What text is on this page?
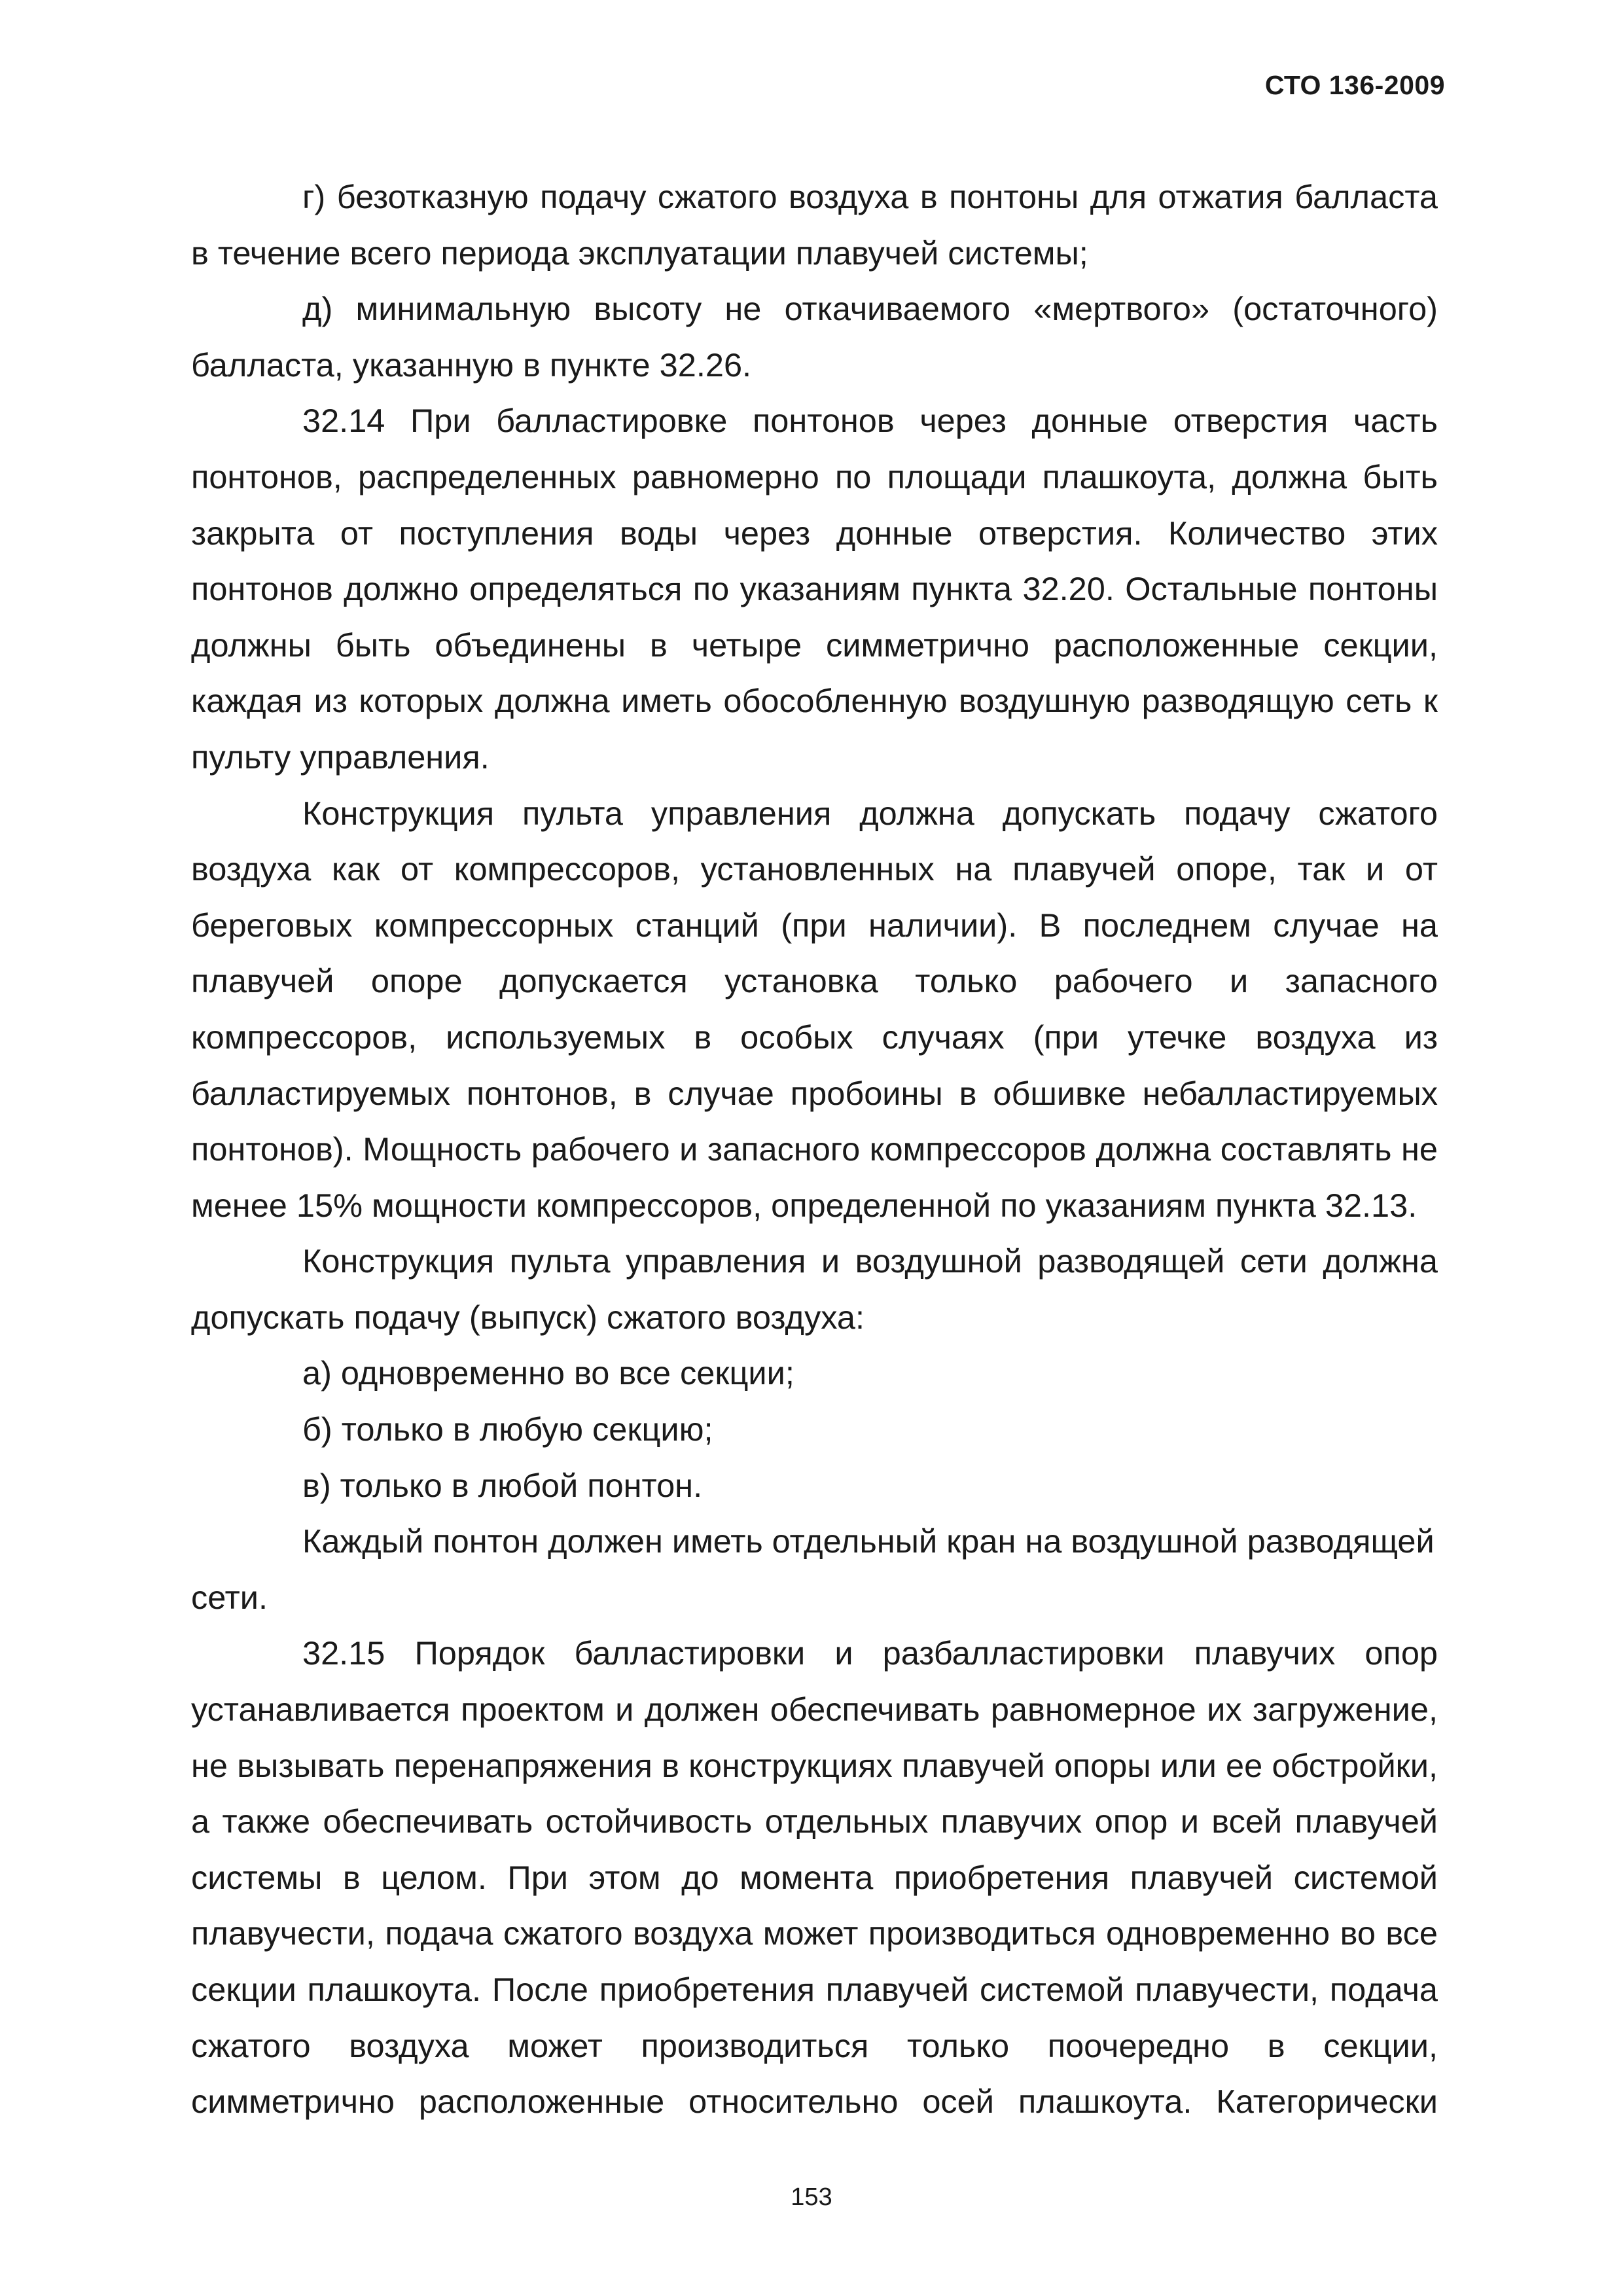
СТО 136-2009

г) безотказную подачу сжатого воздуха в понтоны для отжатия балласта в течение всего периода эксплуатации плавучей системы;

д) минимальную высоту не откачиваемого «мертвого» (остаточного) балласта, указанную в пункте 32.26.

32.14 При балластировке понтонов через донные отверстия часть понтонов, распределенных равномерно по площади плашкоута, должна быть закрыта от поступления воды через донные отверстия. Количество этих понтонов должно определяться по указаниям пункта 32.20. Остальные понтоны должны быть объединены в четыре симметрично расположенные секции, каждая из которых должна иметь обособленную воздушную разводящую сеть к пульту управления.

Конструкция пульта управления должна допускать подачу сжатого воздуха как от компрессоров, установленных на плавучей опоре, так и от береговых компрессорных станций (при наличии). В последнем случае на плавучей опоре допускается установка только рабочего и запасного компрессоров, используемых в особых случаях (при утечке воздуха из балластируемых понтонов, в случае пробоины в обшивке небалластируемых понтонов). Мощность рабочего и запасного компрессоров должна составлять не менее 15% мощности компрессоров, определенной по указаниям пункта 32.13.

Конструкция пульта управления и воздушной разводящей сети должна допускать подачу (выпуск) сжатого воздуха:

а) одновременно во все секции;

б) только в любую секцию;

в) только в любой понтон.

Каждый понтон должен иметь отдельный кран на воздушной разводящей сети.

32.15 Порядок балластировки и разбалластировки плавучих опор устанавливается проектом и должен обеспечивать равномерное их загружение, не вызывать перенапряжения в конструкциях плавучей опоры или ее обстройки, а также обеспечивать остойчивость отдельных плавучих опор и всей плавучей системы в целом. При этом до момента приобретения плавучей системой плавучести, подача сжатого воздуха может производиться одновременно во все секции плашкоута. После приобретения плавучей системой плавучести, подача сжатого воздуха может производиться только поочередно в секции, симметрично расположенные относительно осей плашкоута. Категорически

153
